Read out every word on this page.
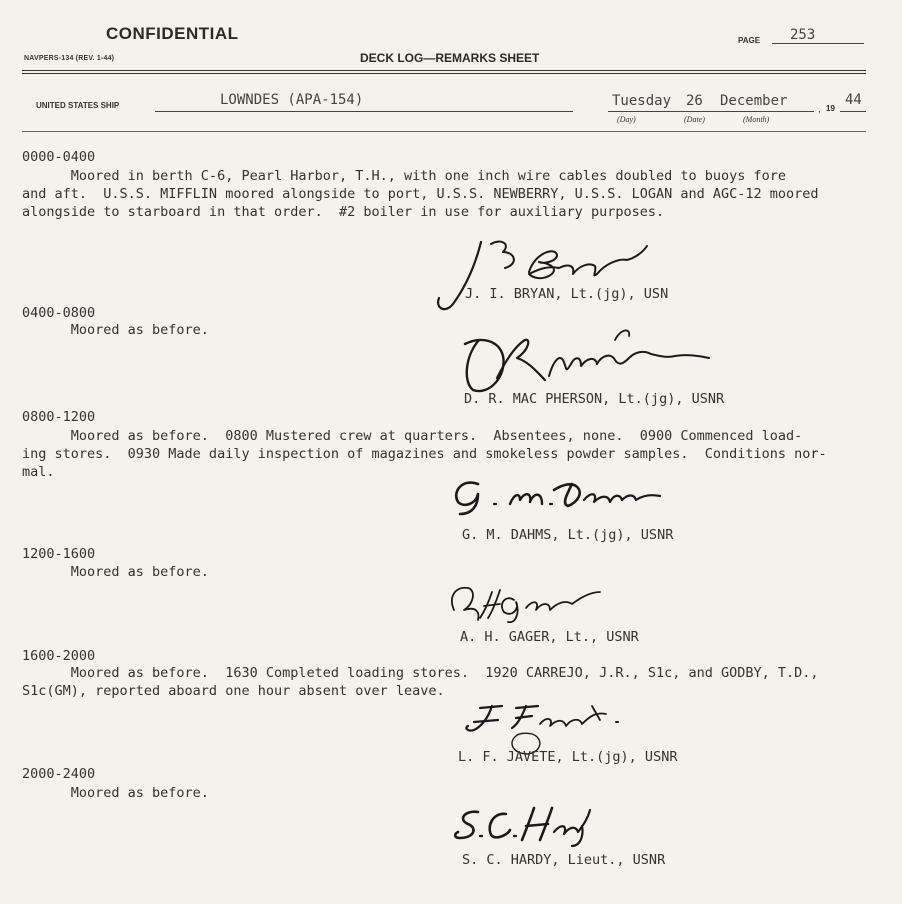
CONFIDENTIAL
NAVPERS-134 (REV. 1-44)	DECK LOG—REMARKS SHEET
PAGE 253
UNITED STATES SHIP	LOWNDES (APA-154)	Tuesday 26 December	, 19
44
(Day)	(Date)	(Month)
0000-0400
Moored in berth C-6, Pearl Harbor, T.H., with one inch wire cables doubled to buoys fore
and aft.  U.S.S. MIFFLIN moored alongside to port, U.S.S. NEWBERRY, U.S.S. LOGAN and AGC-12 moored
alongside to starboard in that order.  #2 boiler in use for auxiliary purposes.
J. I. BRYAN, Lt.(jg), USN
0400-0800
Moored as before.
D. R. MAC PHERSON, Lt.(jg), USNR
0800-1200
Moored as before.  0800 Mustered crew at quarters.  Absentees, none.  0900 Commenced load-
ing stores.  0930 Made daily inspection of magazines and smokeless powder samples.  Conditions nor-
mal.
G. M. DAHMS, Lt.(jg), USNR
1200-1600
Moored as before.
A. H. GAGER, Lt., USNR
1600-2000
Moored as before.  1630 Completed loading stores.  1920 CARREJO, J.R., S1c, and GODBY, T.D.,
S1c(GM), reported aboard one hour absent over leave.
L. F. JAVETE, Lt.(jg), USNR
2000-2400
Moored as before.
S. C. HARDY, Lieut., USNR
